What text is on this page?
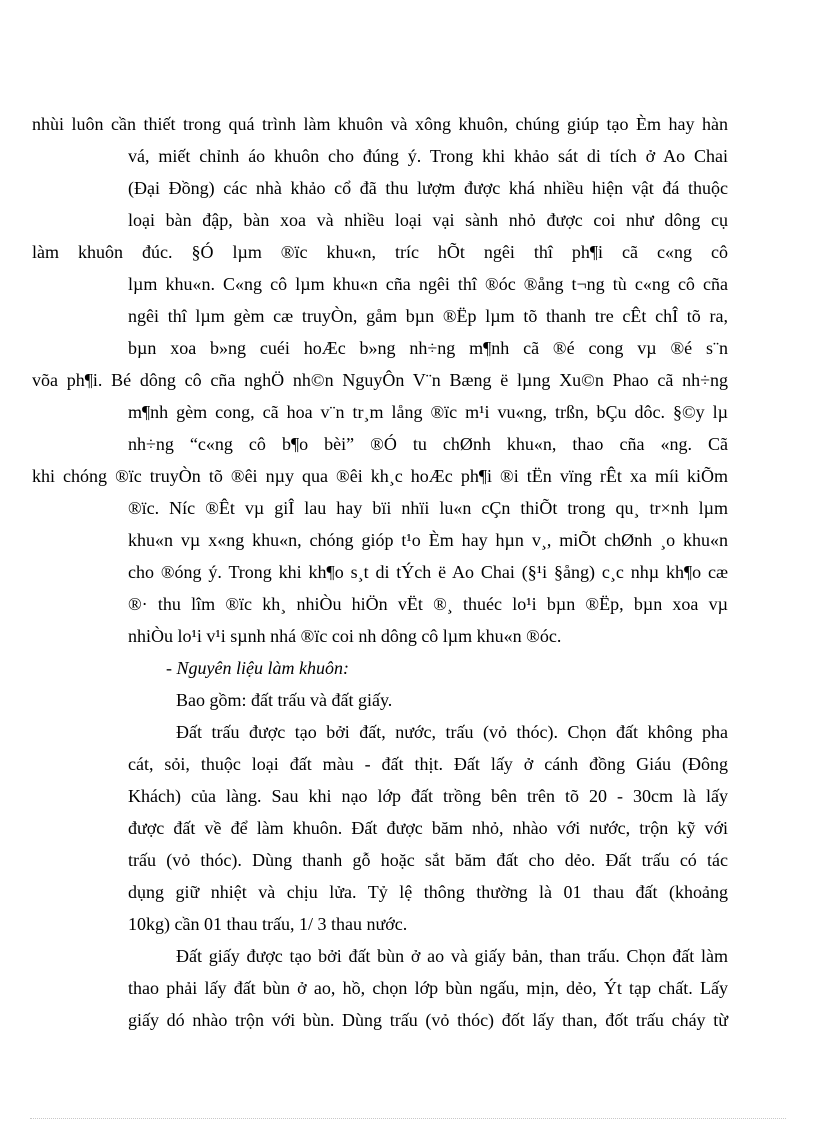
nhùi luôn cần thiết trong quá trình làm khuôn và xông khuôn, chúng giúp tạo Èm hay hàn
vá, miết chỉnh áo khuôn cho đúng ý. Trong khi khảo sát di tích ở Ao Chai
(Đại Đồng) các nhà khảo cổ đã thu lượm được khá nhiều hiện vật đá thuộc
loại bàn đập, bàn xoa và nhiều loại vại sành nhỏ được coi như dông cụ
làm khuôn đúc. §Ó lµm ®ïc khu«n, tríc hÕt ngêi thî ph¶i cã c«ng cô
lµm khu«n. C«ng cô lµm khu«n cña ngêi thî ®óc ®ång t¬ng tù c«ng cô cña
ngêi thî lµm gèm cæ truyÒn, gåm bµn ®Ëp lµm tõ thanh tre cÊt chÎ tõ ra,
bµn xoa b»ng cuéi hoÆc b»ng nh÷ng m¶nh cã ®é cong vµ ®é s¨n
võa ph¶i. Bé dông cô cña nghÖ nh©n NguyÔn V¨n Bæng ë lµng Xu©n Phao cã nh÷ng
m¶nh gèm cong, cã hoa v¨n tr¸m lång ®ïc m¹i vu«ng, trßn, bÇu dôc. §©y lµ
nh÷ng “c«ng cô b¶o bèi” ®Ó tu chØnh khu«n, thao cña «ng. Cã
khi chóng ®ïc truyÒn tõ ®êi nµy qua ®êi kh¸c hoÆc ph¶i ®i tËn vïng rÊt xa míi kiÕm
®ïc. Níc ®Êt vµ giÎ lau hay bïi nhïi lu«n cÇn thiÕt trong qu¸ tr×nh lµm
khu«n vµ x«ng khu«n, chóng gióp t¹o Èm hay hµn v¸, miÕt chØnh ¸o khu«n
cho ®óng ý. Trong khi kh¶o s¸t di tÝch ë Ao Chai (§¹i §ång) c¸c nhµ kh¶o cæ
®· thu lîm ®ïc kh¸ nhiÒu hiÖn vËt ®¸ thuéc lo¹i bµn ®Ëp, bµn xoa vµ
nhiÒu lo¹i v¹i sµnh nhá ®ïc coi nh dông cô lµm khu«n ®óc.
- Nguyên liệu làm khuôn:
Bao gồm: đất trấu và đất giấy.
Đất trấu được tạo bởi đất, nước, trấu (vỏ thóc). Chọn đất không pha
cát, sỏi, thuộc loại đất màu - đất thịt. Đất lấy ở cánh đồng Giáu (Đông
Khách) của làng. Sau khi nạo lớp đất trồng bên trên tõ 20 - 30cm là lấy
được đất về để làm khuôn. Đất được băm nhỏ, nhào với nước, trộn kỹ với
trấu (vỏ thóc). Dùng thanh gỗ hoặc sắt băm đất cho dẻo. Đất trấu có tác
dụng giữ nhiệt và chịu lửa. Tỷ lệ thông thường là 01 thau đất (khoảng
10kg) cần 01 thau trấu, 1/ 3 thau nước.
Đất giấy được tạo bởi đất bùn ở ao và giấy bản, than trấu. Chọn đất làm
thao phải lấy đất bùn ở ao, hồ, chọn lớp bùn ngấu, mịn, dẻo, Ýt tạp chất. Lấy
giấy dó nhào trộn với bùn. Dùng trấu (vỏ thóc) đốt lấy than, đốt trấu cháy từ
